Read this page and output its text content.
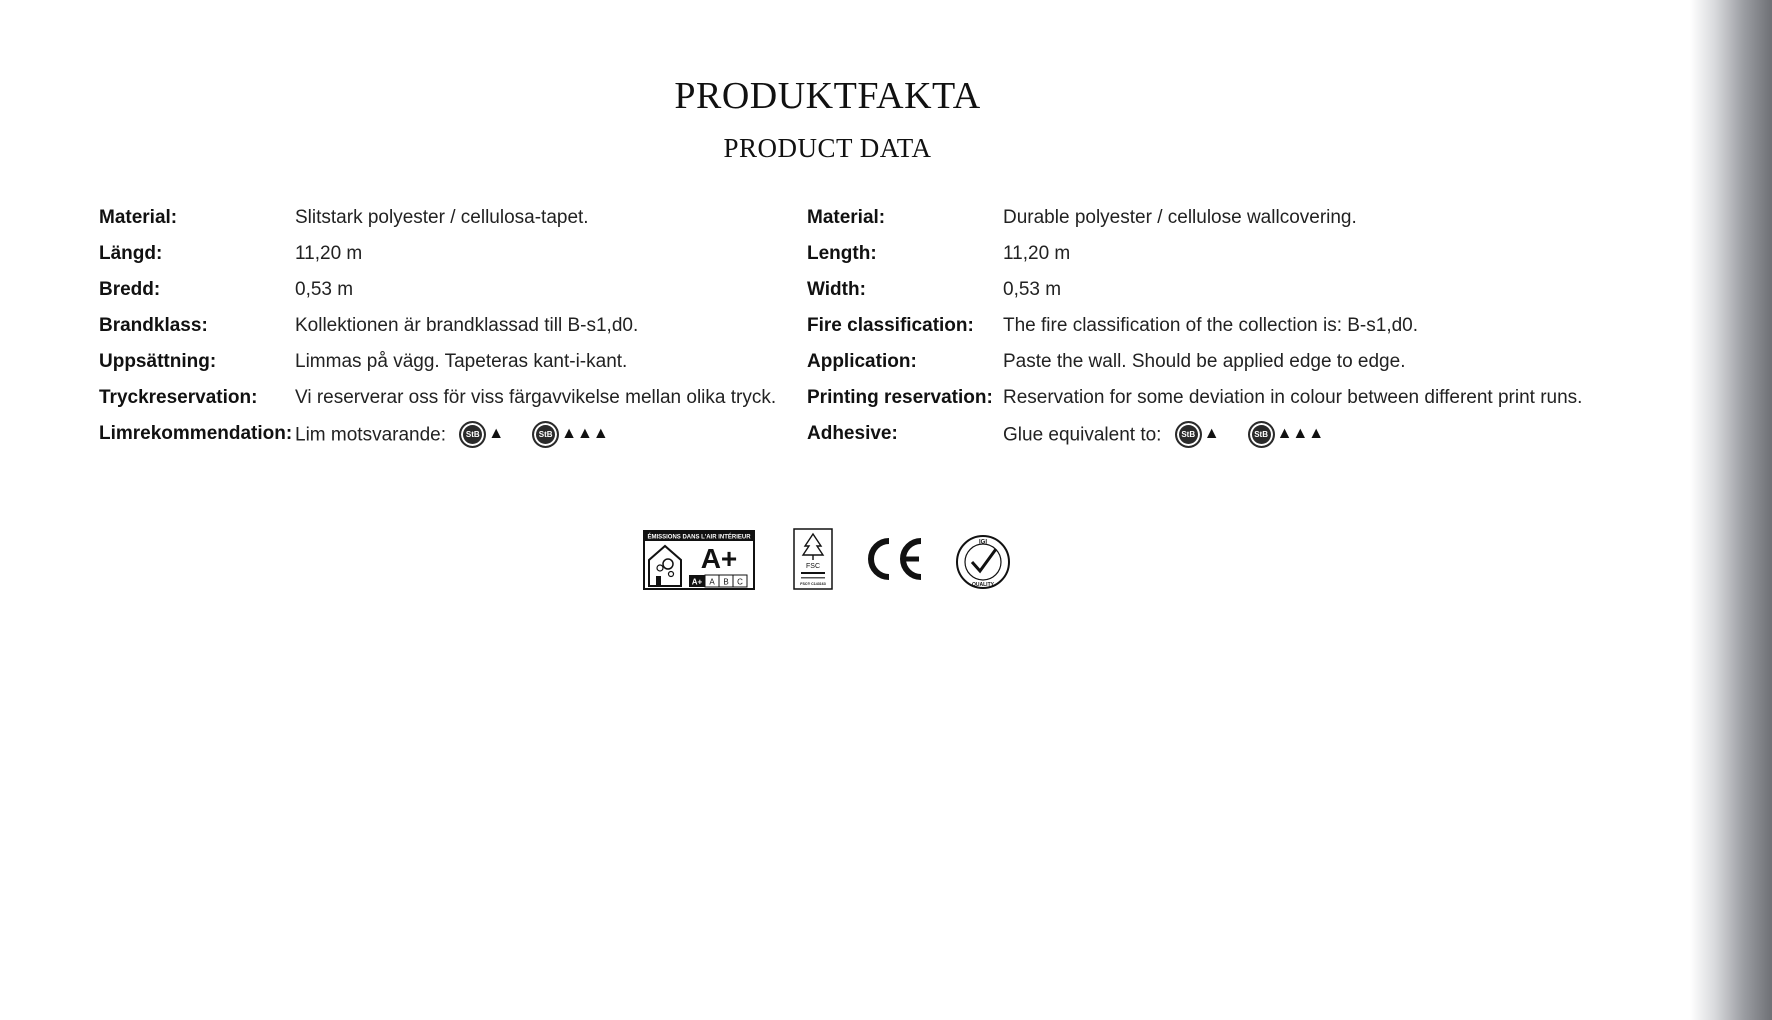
PRODUKTFAKTA
PRODUCT DATA
Material:	Slitstark polyester / cellulosa-tapet.
Längd:	11,20 m
Bredd:	0,53 m
Brandklass:	Kollektionen är brandklassad till B-s1,d0.
Uppsättning:	Limmas på vägg. Tapeteras kant-i-kant.
Tryckreservation: Vi reserverar oss för viss färgavvikelse mellan olika tryck.
Limrekommendation: Lim motsvarande: StB ▲	StB ▲▲▲
Material:	Durable polyester / cellulose wallcovering.
Length:	11,20 m
Width:	0,53 m
Fire classification: The fire classification of the collection is: B-s1,d0.
Application:	Paste the wall. Should be applied edge to edge.
Printing reservation: Reservation for some deviation in colour between different print runs.
Adhesive:	Glue equivalent to: StB ▲	StB ▲▲▲
ÉMISSIONS DANS L'AIR INTÉRIEUR
A+
A+ A B C
FSC
FSC® C143163
IGI
QUALITY
